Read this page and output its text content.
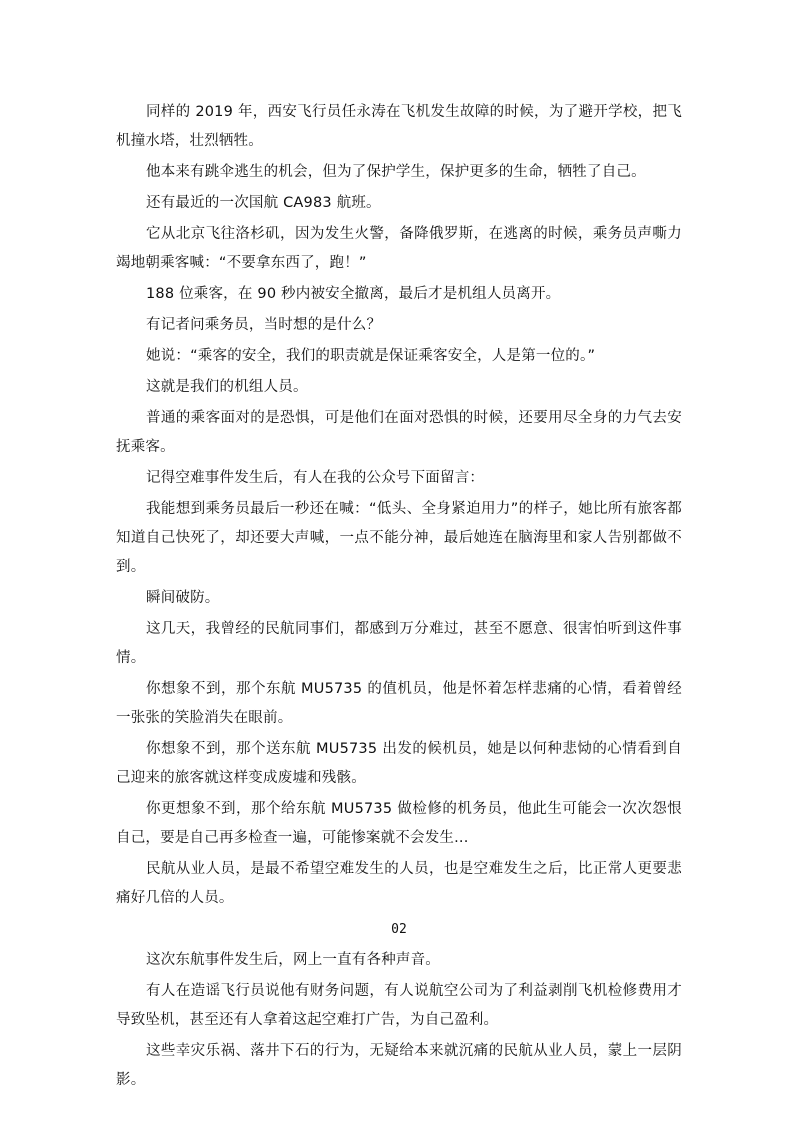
同样的 2019 年，西安飞行员任永涛在飞机发生故障的时候，为了避开学校，把飞机撞水塔，壮烈牺牲。

他本来有跳伞逃生的机会，但为了保护学生，保护更多的生命，牺牲了自己。

还有最近的一次国航 CA983 航班。

它从北京飞往洛杉矶，因为发生火警，备降俄罗斯，在逃离的时候，乘务员声嘶力竭地朝乘客喊：“不要拿东西了，跑！”

188 位乘客，在 90 秒内被安全撤离，最后才是机组人员离开。

有记者问乘务员，当时想的是什么？

她说：“乘客的安全，我们的职责就是保证乘客安全，人是第一位的。”

这就是我们的机组人员。

普通的乘客面对的是恐惧，可是他们在面对恐惧的时候，还要用尽全身的力气去安抚乘客。

记得空难事件发生后，有人在我的公众号下面留言：

我能想到乘务员最后一秒还在喊：“低头、全身紧迫用力”的样子，她比所有旅客都知道自己快死了，却还要大声喊，一点不能分神，最后她连在脑海里和家人告别都做不到。

瞬间破防。

这几天，我曾经的民航同事们，都感到万分难过，甚至不愿意、很害怕听到这件事情。

你想象不到，那个东航 MU5735 的值机员，他是怀着怎样悲痛的心情，看着曾经一张张的笑脸消失在眼前。

你想象不到，那个送东航 MU5735 出发的候机员，她是以何种悲恸的心情看到自己迎来的旅客就这样变成废墟和残骸。

你更想象不到，那个给东航 MU5735 做检修的机务员，他此生可能会一次次怨恨自己，要是自己再多检查一遍，可能惨案就不会发生...

民航从业人员，是最不希望空难发生的人员，也是空难发生之后，比正常人更要悲痛好几倍的人员。

02

这次东航事件发生后，网上一直有各种声音。

有人在造谣飞行员说他有财务问题，有人说航空公司为了利益剥削飞机检修费用才导致坠机，甚至还有人拿着这起空难打广告，为自己盈利。

这些幸灾乐祸、落井下石的行为，无疑给本来就沉痛的民航从业人员，蒙上一层阴影。
